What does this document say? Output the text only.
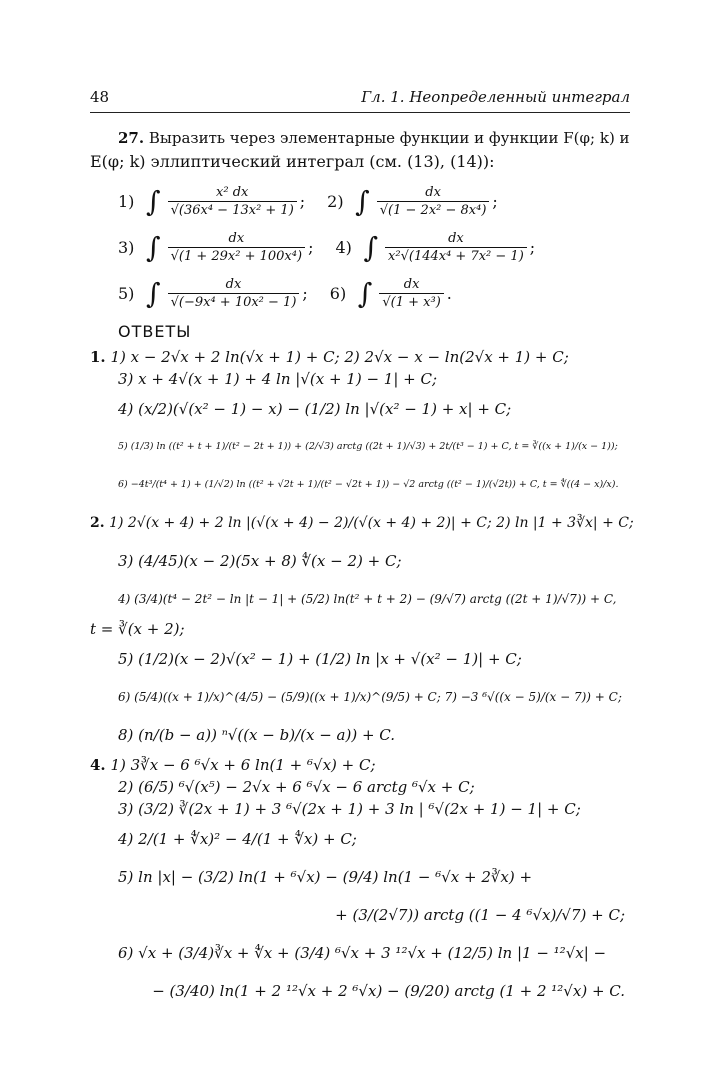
48	Гл. 1. Неопределенный интеграл
27. Выразить через элементарные функции и функции F(φ; k) и
E(φ; k) эллиптический интеграл (см. (13), (14)):
1) ∫ $\frac{\text{x² dx}}{\text{√(36x⁴ − 13x² + 1)}}$ ; 2) ∫ $\frac{dx}{\text{√(1 − 2x² − 8x⁴)}}$ ;
3) ∫ $\frac{dx}{\text{√(1 + 29x² + 100x⁴)}}$ ; 4) ∫ $\frac{dx}{\text{x²√(144x⁴ + 7x² − 1)}}$ ;
5) ∫ $\frac{dx}{\text{√(−9x⁴ + 10x² − 1)}}$ ; 6) ∫ $\frac{dx}{\text{√(1 + x³)}}$ .
ОТВЕТЫ
1. 1) x − 2√x + 2 ln(√x + 1) + C; 2) 2√x − x − ln(2√x + 1) + C;
3) x + 4√(x + 1) + 4 ln |√(x + 1) − 1| + C;
4) (x/2)(√(x² − 1) − x) − (1/2) ln |√(x² − 1) + x| + C;
5) (1/3) ln ((t² + t + 1)/(t² − 2t + 1)) + (2/√3) arctg ((2t + 1)/√3) + 2t/(t³ − 1) + C, t = ∛((x + 1)/(x − 1));
6) −4t³/(t⁴ + 1) + (1/√2) ln ((t² + √2t + 1)/(t² − √2t + 1)) − √2 arctg ((t² − 1)/(√2t)) + C, t = ∜((4 − x)/x).
2. 1) 2√(x + 4) + 2 ln |(√(x + 4) − 2)/(√(x + 4) + 2)| + C; 2) ln |1 + 3∛x| + C;
3) (4/45)(x − 2)(5x + 8) ∜(x − 2) + C;
4) (3/4)(t⁴ − 2t² − ln |t − 1| + (5/2) ln(t² + t + 2) − (9/√7) arctg ((2t + 1)/√7)) + C,
t = ∛(x + 2);
5) (1/2)(x − 2)√(x² − 1) + (1/2) ln |x + √(x² − 1)| + C;
6) (5/4)((x + 1)/x)^(4/5) − (5/9)((x + 1)/x)^(9/5) + C; 7) −3 ⁶√((x − 5)/(x − 7)) + C;
8) (n/(b − a)) ⁿ√((x − b)/(x − a)) + C.
4. 1) 3∛x − 6 ⁶√x + 6 ln(1 + ⁶√x) + C;
2) (6/5) ⁶√(x⁵) − 2√x + 6 ⁶√x − 6 arctg ⁶√x + C;
3) (3/2) ∛(2x + 1) + 3 ⁶√(2x + 1) + 3 ln | ⁶√(2x + 1) − 1| + C;
4) 2/(1 + ∜x)² − 4/(1 + ∜x) + C;
5) ln |x| − (3/2) ln(1 + ⁶√x) − (9/4) ln(1 − ⁶√x + 2∛x) +
+ (3/(2√7)) arctg ((1 − 4 ⁶√x)/√7) + C;
6) √x + (3/4)∛x + ∜x + (3/4) ⁶√x + 3 ¹²√x + (12/5) ln |1 − ¹²√x| −
− (3/40) ln(1 + 2 ¹²√x + 2 ⁶√x) − (9/20) arctg (1 + 2 ¹²√x) + C.
